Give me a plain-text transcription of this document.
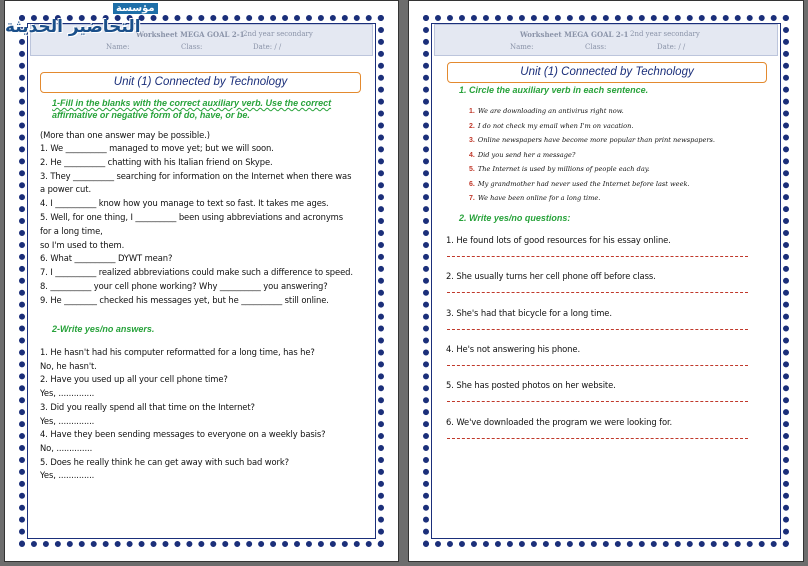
Worksheet MEGA GOAL 2-1
2nd year secondary
Name:	Class:	Date: / /
مؤسسة
التحاضير الحديثة
Unit (1) Connected by Technology
1-Fill in the blanks with the correct auxiliary verb. Use the correct
affirmative or negative form of do, have, or be.
(More than one answer may be possible.)
2-Write yes/no answers.
1. We __________ managed to move yet; but we will soon.
2. He __________ chatting with his Italian friend on Skype.
3. They __________ searching for information on the Internet when there was
a power cut.
4. I __________ know how you manage to text so fast. It takes me ages.
5. Well, for one thing, I __________ been using abbreviations and acronyms
for a long time,
so I'm used to them.
6. What __________ DYWT mean?
7. I __________ realized abbreviations could make such a difference to speed.
8. __________ your cell phone working? Why __________ you answering?
9. He ________ checked his messages yet, but he __________ still online.
1. He hasn't had his computer reformatted for a long time, has he?
No, he hasn't.
2. Have you used up all your cell phone time?
Yes, ..............
3. Did you really spend all that time on the Internet?
Yes, ..............
4. Have they been sending messages to everyone on a weekly basis?
No, ..............
5. Does he really think he can get away with such bad work?
Yes, ..............
Worksheet MEGA GOAL 2-1 2nd year secondary
Name:	Class:	Date: / /
Unit (1) Connected by Technology
1. Circle the auxiliary verb in each sentence.
2. Write yes/no questions:
1. We are downloading an antivirus right now.
2. I do not check my email when I'm on vacation.
3. Online newspapers have become more popular than print newspapers.
4. Did you send her a message?
5. The Internet is used by millions of people each day.
6. My grandmother had never used the Internet before last week.
7. We have been online for a long time.
1. He found lots of good resources for his essay online.
2. She usually turns her cell phone off before class.
3. She's had that bicycle for a long time.
4. He's not answering his phone.
5. She has posted photos on her website.
6. We've downloaded the program we were looking for.
